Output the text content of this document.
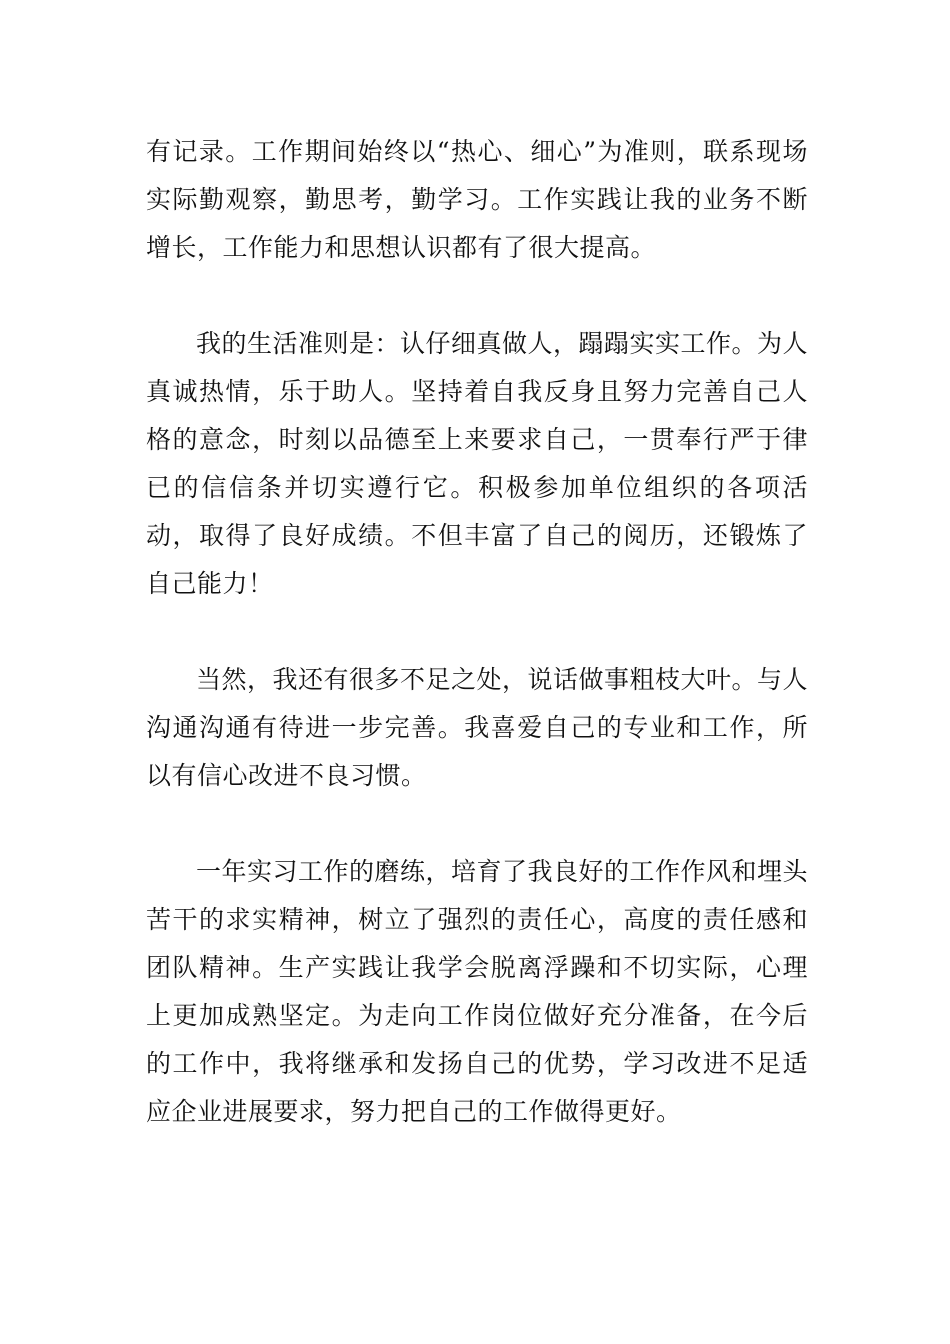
有记录。工作期间始终以“热心、细心”为准则，联系现场实际勤观察，勤思考，勤学习。工作实践让我的业务不断增长，工作能力和思想认识都有了很大提高。

我的生活准则是：认仔细真做人，蹋蹋实实工作。为人真诚热情，乐于助人。坚持着自我反身且努力完善自己人格的意念，时刻以品德至上来要求自己，一贯奉行严于律已的信信条并切实遵行它。积极参加单位组织的各项活动，取得了良好成绩。不但丰富了自己的阅历，还锻炼了自己能力！

当然，我还有很多不足之处，说话做事粗枝大叶。与人沟通沟通有待进一步完善。我喜爱自己的专业和工作，所以有信心改进不良习惯。

一年实习工作的磨练，培育了我良好的工作作风和埋头苦干的求实精神，树立了强烈的责任心，高度的责任感和团队精神。生产实践让我学会脱离浮躁和不切实际，心理上更加成熟坚定。为走向工作岗位做好充分准备，在今后的工作中，我将继承和发扬自己的优势，学习改进不足适应企业进展要求，努力把自己的工作做得更好。
